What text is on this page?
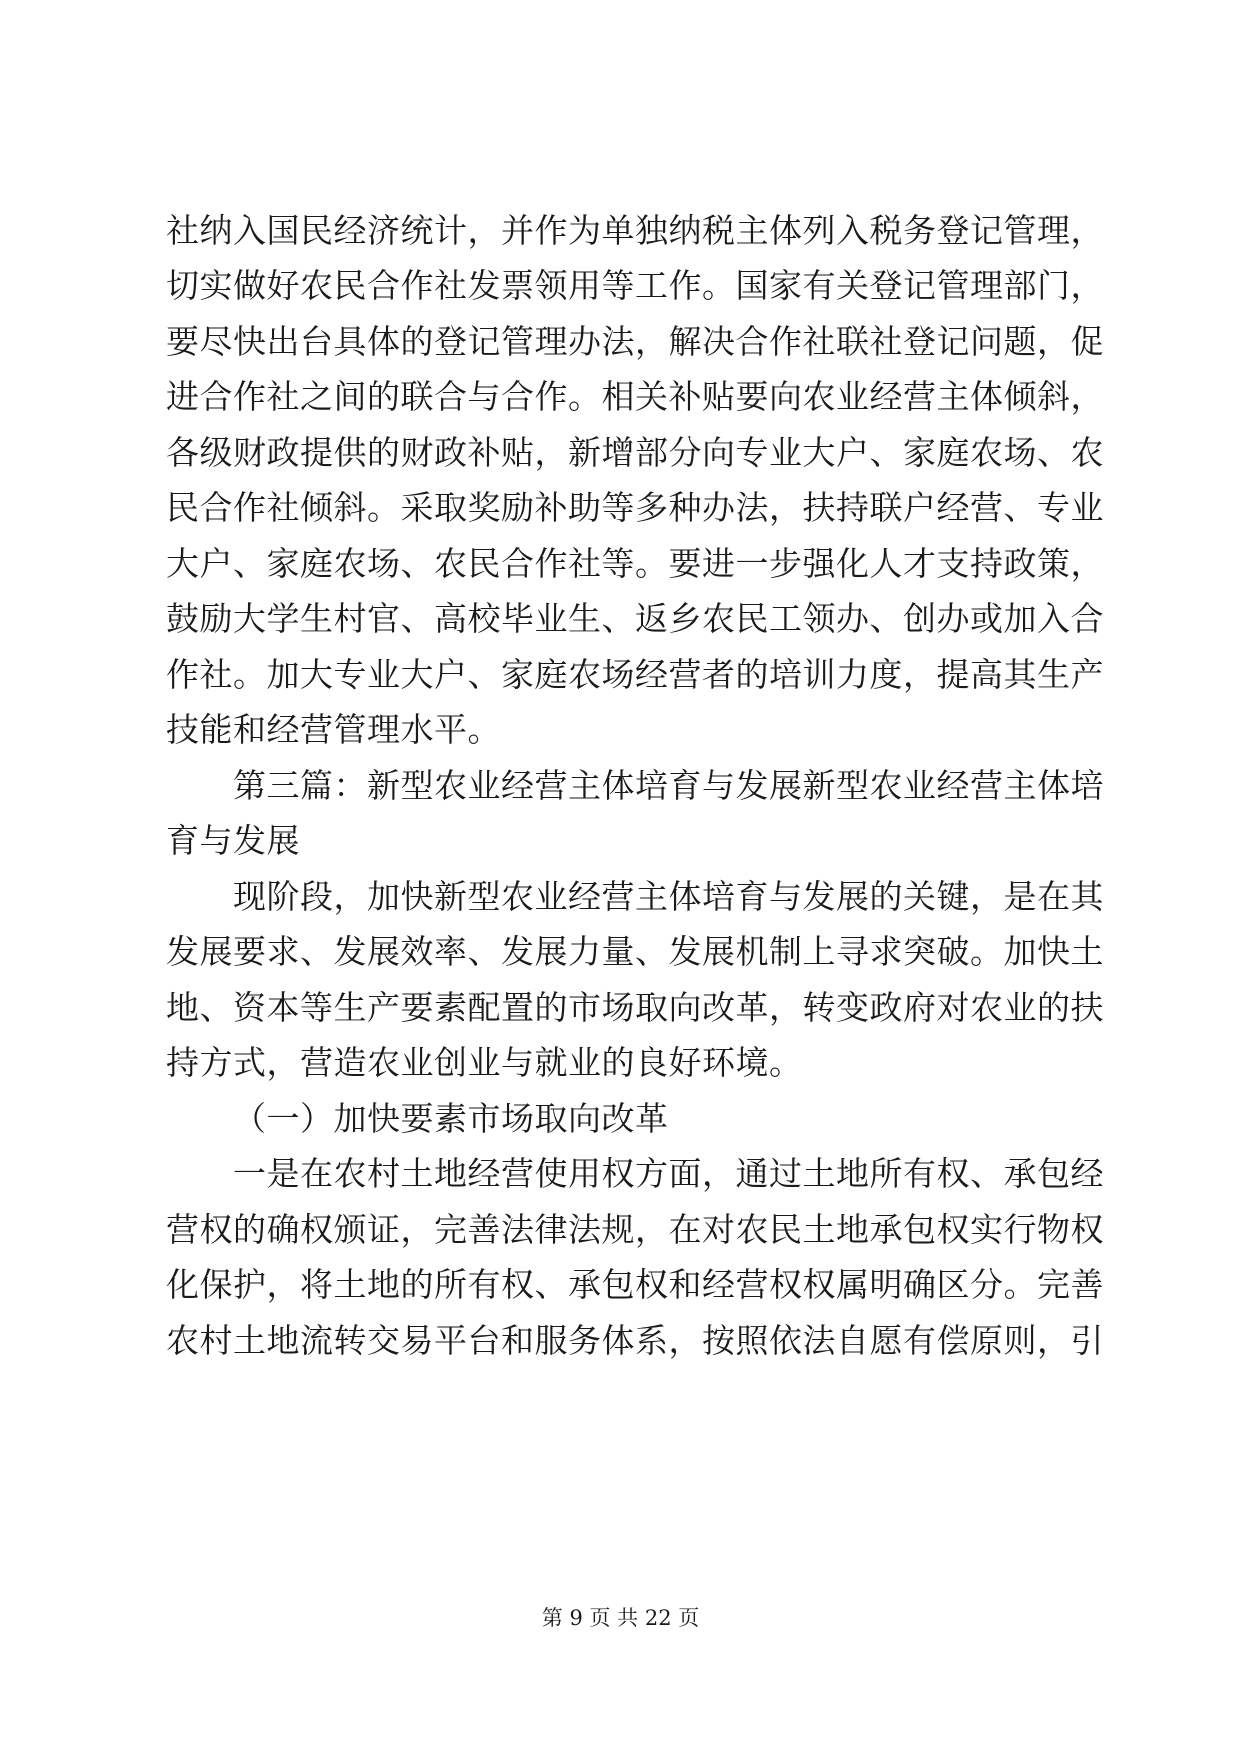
社纳入国民经济统计，并作为单独纳税主体列入税务登记管理，
切实做好农民合作社发票领用等工作。国家有关登记管理部门，
要尽快出台具体的登记管理办法，解决合作社联社登记问题，促
进合作社之间的联合与合作。相关补贴要向农业经营主体倾斜，
各级财政提供的财政补贴，新增部分向专业大户、家庭农场、农
民合作社倾斜。采取奖励补助等多种办法，扶持联户经营、专业
大户、家庭农场、农民合作社等。要进一步强化人才支持政策，
鼓励大学生村官、高校毕业生、返乡农民工领办、创办或加入合
作社。加大专业大户、家庭农场经营者的培训力度，提高其生产
技能和经营管理水平。
第三篇：新型农业经营主体培育与发展新型农业经营主体培
育与发展
现阶段，加快新型农业经营主体培育与发展的关键，是在其
发展要求、发展效率、发展力量、发展机制上寻求突破。加快土
地、资本等生产要素配置的市场取向改革，转变政府对农业的扶
持方式，营造农业创业与就业的良好环境。
（一）加快要素市场取向改革
一是在农村土地经营使用权方面，通过土地所有权、承包经
营权的确权颁证，完善法律法规，在对农民土地承包权实行物权
化保护，将土地的所有权、承包权和经营权权属明确区分。完善
农村土地流转交易平台和服务体系，按照依法自愿有偿原则，引
第 9 页 共 22 页
